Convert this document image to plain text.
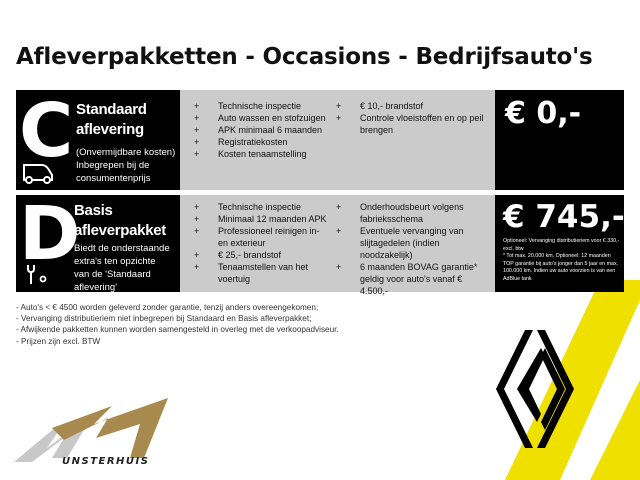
Afleverpakketten - Occasions - Bedrijfsauto's
C Standaard
aflevering
(Onvermijdbare kosten)
Inbegrepen bij de
consumentenprijs
+ Technische inspectie
+ Auto wassen en stofzuigen
+ APK minimaal 6 maanden
+ Registratiekosten
+ Kosten tenaamstelling
+ € 10,- brandstof
+ Controle vloeistoffen en op peil brengen	€ 0,-
D
Basis
afleverpakket
Biedt de onderstaande
extra's ten opzichte
van de 'Standaard
aflevering'
+ Technische inspectie
+ Minimaal 12 maanden APK
+ Professioneel reinigen in- en exterieur
+ € 25,- brandstof
+ Tenaamstellen van het voertuig
+ Onderhoudsbeurt volgens fabrieksschema
+ Eventuele vervanging van slijtagedelen (indien noodzakelijk)
+ 6 maanden BOVAG garantie* geldig voor auto's vanaf € 4.500,-
€ 745,-
Optioneel: Vervanging distributieriem voor € 330,- excl. btw
* Tot max. 20.000 km. Optioneel: 12 maanden TOP garantie bij auto's jonger dan 5 jaar en max. 100.000 km. Indien uw auto voorzien is van een AdBlue tank
- Auto's < € 4500 worden geleverd zonder garantie, tenzij anders overeengekomen;
- Vervanging distributieriem niet inbegrepen bij Standaard en Basis afleverpakket;
- Afwijkende pakketten kunnen worden samengesteld in overleg met de verkoopadviseur.
- Prijzen zijn excl. BTW
UNSTERHUIS
